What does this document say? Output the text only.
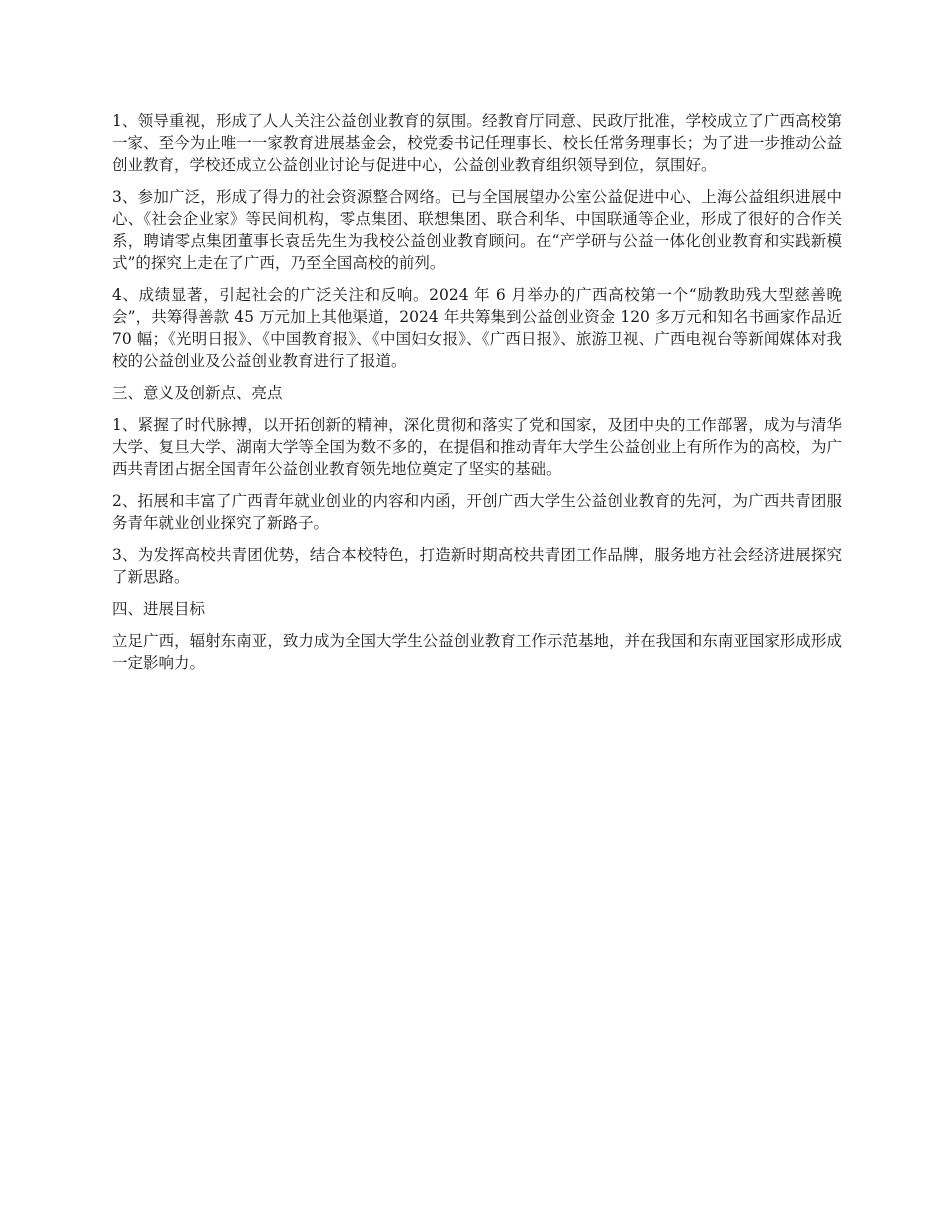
1、领导重视，形成了人人关注公益创业教育的氛围。经教育厅同意、民政厅批准，学校成立了广西高校第一家、至今为止唯一一家教育进展基金会，校党委书记任理事长、校长任常务理事长；为了进一步推动公益创业教育，学校还成立公益创业讨论与促进中心，公益创业教育组织领导到位，氛围好。

3、参加广泛，形成了得力的社会资源整合网络。已与全国展望办公室公益促进中心、上海公益组织进展中心、《社会企业家》等民间机构，零点集团、联想集团、联合利华、中国联通等企业，形成了很好的合作关系，聘请零点集团董事长袁岳先生为我校公益创业教育顾问。在“产学研与公益一体化创业教育和实践新模式”的探究上走在了广西，乃至全国高校的前列。

4、成绩显著，引起社会的广泛关注和反响。2024 年 6 月举办的广西高校第一个“励教助残大型慈善晚会”，共筹得善款 45 万元加上其他渠道，2024 年共筹集到公益创业资金 120 多万元和知名书画家作品近 70 幅；《光明日报》、《中国教育报》、《中国妇女报》、《广西日报》、旅游卫视、广西电视台等新闻媒体对我校的公益创业及公益创业教育进行了报道。

三、意义及创新点、亮点

1、紧握了时代脉搏，以开拓创新的精神，深化贯彻和落实了党和国家，及团中央的工作部署，成为与清华大学、复旦大学、湖南大学等全国为数不多的，在提倡和推动青年大学生公益创业上有所作为的高校，为广西共青团占据全国青年公益创业教育领先地位奠定了坚实的基础。

2、拓展和丰富了广西青年就业创业的内容和内函，开创广西大学生公益创业教育的先河，为广西共青团服务青年就业创业探究了新路子。

3、为发挥高校共青团优势，结合本校特色，打造新时期高校共青团工作品牌，服务地方社会经济进展探究了新思路。

四、进展目标

立足广西，辐射东南亚，致力成为全国大学生公益创业教育工作示范基地，并在我国和东南亚国家形成形成一定影响力。
